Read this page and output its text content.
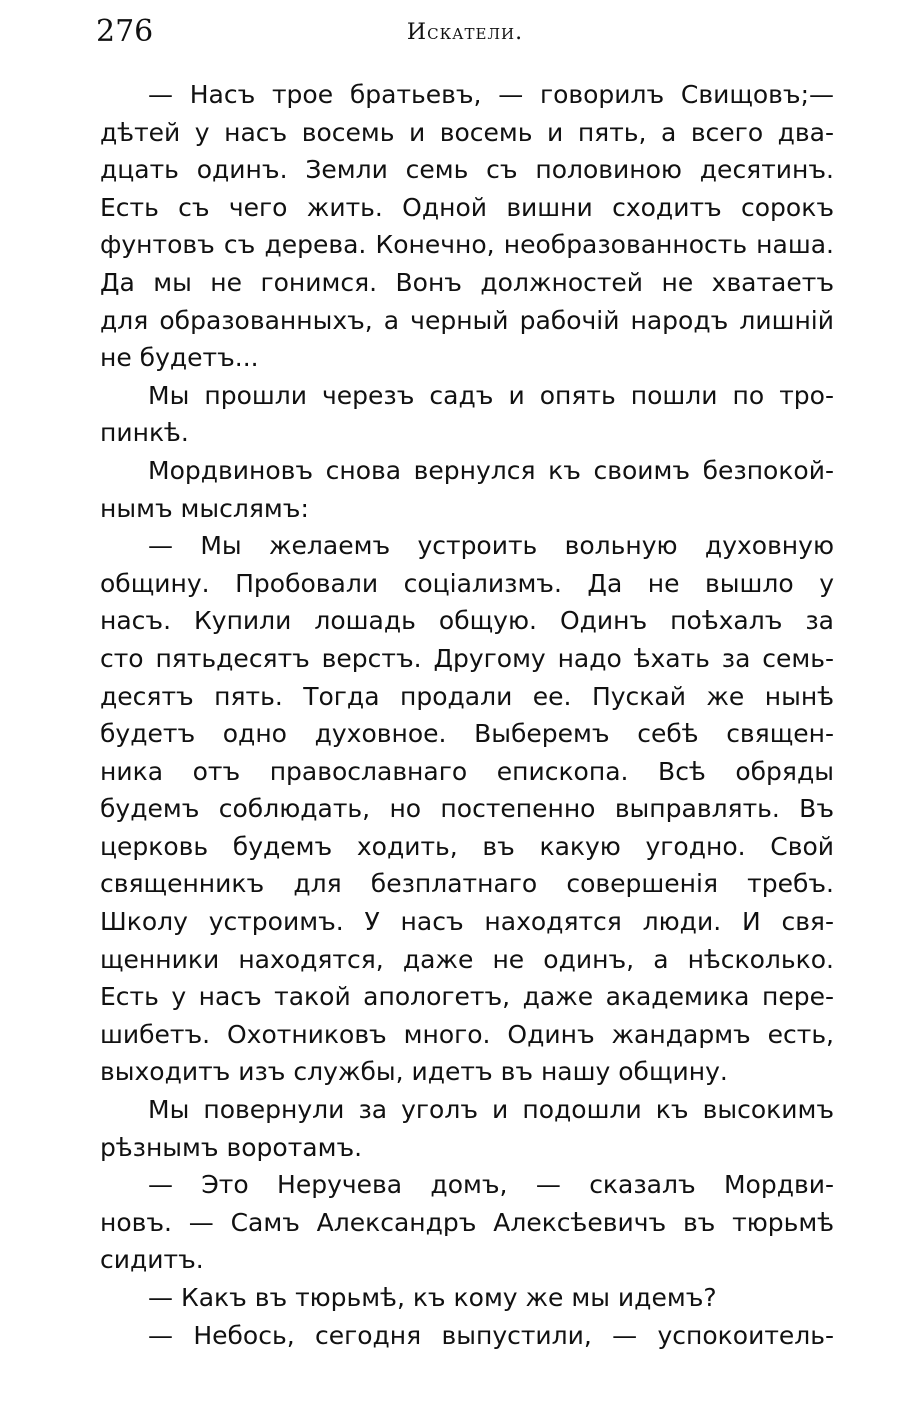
276	Искатели.
— Насъ трое братьевъ, — говорилъ Свищовъ;—
дѣтей у насъ восемь и восемь и пять, а всего два-
дцать одинъ. Земли семь съ половиною десятинъ.
Есть съ чего жить. Одной вишни сходитъ сорокъ
фунтовъ съ дерева. Конечно, необразованность наша.
Да мы не гонимся. Вонъ должностей не хватаетъ
для образованныхъ, а черный рабочій народъ лишній
не будетъ...
Мы прошли черезъ садъ и опять пошли по тро-
пинкѣ.
Мордвиновъ снова вернулся къ своимъ безпокой-
нымъ мыслямъ:
— Мы желаемъ устроить вольную духовную
общину. Пробовали соціализмъ. Да не вышло у
насъ. Купили лошадь общую. Одинъ поѣхалъ за
сто пятьдесятъ верстъ. Другому надо ѣхать за семь-
десятъ пять. Тогда продали ее. Пускай же нынѣ
будетъ одно духовное. Выберемъ себѣ священ-
ника отъ православнаго епископа. Всѣ обряды
будемъ соблюдать, но постепенно выправлять. Въ
церковь будемъ ходить, въ какую угодно. Свой
священникъ для безплатнаго совершенія требъ.
Школу устроимъ. У насъ находятся люди. И свя-
щенники находятся, даже не одинъ, а нѣсколько.
Есть у насъ такой апологетъ, даже академика пере-
шибетъ. Охотниковъ много. Одинъ жандармъ есть,
выходитъ изъ службы, идетъ въ нашу общину.
Мы повернули за уголъ и подошли къ высокимъ
рѣзнымъ воротамъ.
— Это Неручева домъ, — сказалъ Мордви-
новъ. — Самъ Александръ Алексѣевичъ въ тюрьмѣ
сидитъ.
— Какъ въ тюрьмѣ, къ кому же мы идемъ?
— Небось, сегодня выпустили, — успокоитель-
